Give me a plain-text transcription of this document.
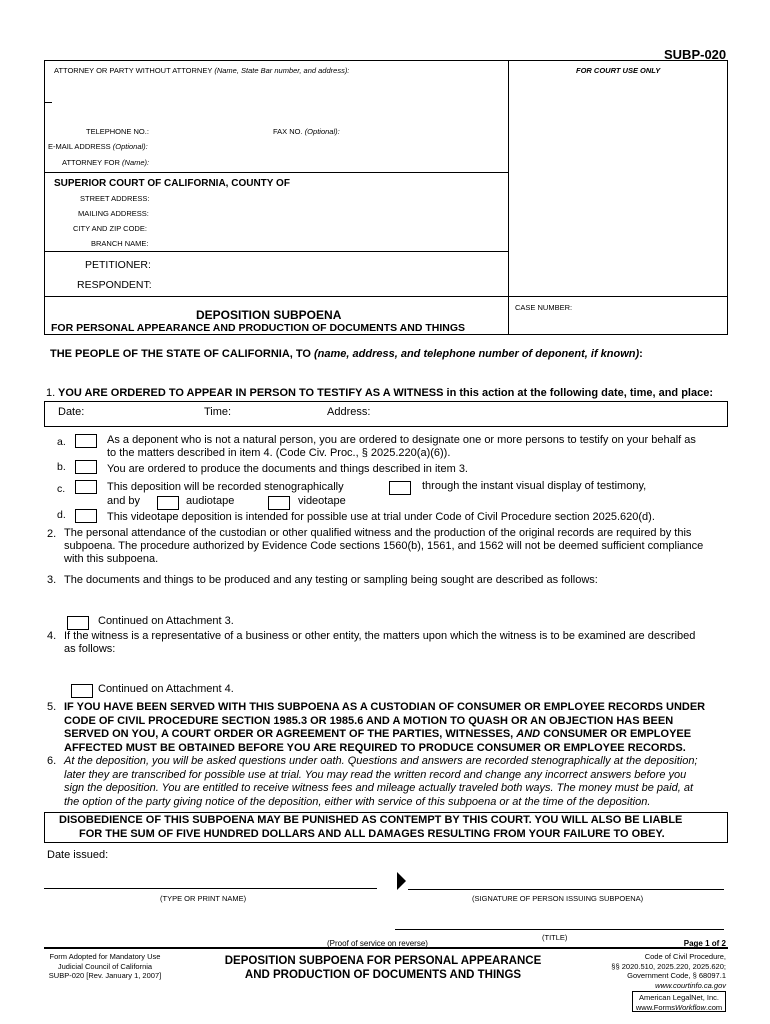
SUBP-020
ATTORNEY OR PARTY WITHOUT ATTORNEY (Name, State Bar number, and address):	FOR COURT USE ONLY
TELEPHONE NO.:	FAX NO. (Optional):
E-MAIL ADDRESS (Optional):
ATTORNEY FOR (Name):
SUPERIOR COURT OF CALIFORNIA, COUNTY OF
STREET ADDRESS:
MAILING ADDRESS:
CITY AND ZIP CODE:
BRANCH NAME:
PETITIONER:
RESPONDENT:
DEPOSITION SUBPOENA
FOR PERSONAL APPEARANCE AND PRODUCTION OF DOCUMENTS AND THINGS
CASE NUMBER:
THE PEOPLE OF THE STATE OF CALIFORNIA, TO (name, address, and telephone number of deponent, if known):
1. YOU ARE ORDERED TO APPEAR IN PERSON TO TESTIFY AS A WITNESS in this action at the following date, time, and place:
Date:	Time:	Address:
a.	As a deponent who is not a natural person, you are ordered to designate one or more persons to testify on your behalf as
to the matters described in item 4. (Code Civ. Proc., § 2025.220(a)(6)).
b.	You are ordered to produce the documents and things described in item 3.
c.	This deposition will be recorded stenographically	through the instant visual display of testimony,
and by	audiotape	videotape
d.	This videotape deposition is intended for possible use at trial under Code of Civil Procedure section 2025.620(d).
2. The personal attendance of the custodian or other qualified witness and the production of the original records are required by this
subpoena. The procedure authorized by Evidence Code sections 1560(b), 1561, and 1562 will not be deemed sufficient compliance
with this subpoena.
3. The documents and things to be produced and any testing or sampling being sought are described as follows:
Continued on Attachment 3.
4. If the witness is a representative of a business or other entity, the matters upon which the witness is to be examined are described
as follows:
Continued on Attachment 4.
5. IF YOU HAVE BEEN SERVED WITH THIS SUBPOENA AS A CUSTODIAN OF CONSUMER OR EMPLOYEE RECORDS UNDER
CODE OF CIVIL PROCEDURE SECTION 1985.3 OR 1985.6 AND A MOTION TO QUASH OR AN OBJECTION HAS BEEN
SERVED ON YOU, A COURT ORDER OR AGREEMENT OF THE PARTIES, WITNESSES, AND CONSUMER OR EMPLOYEE
AFFECTED MUST BE OBTAINED BEFORE YOU ARE REQUIRED TO PRODUCE CONSUMER OR EMPLOYEE RECORDS.
6. At the deposition, you will be asked questions under oath. Questions and answers are recorded stenographically at the deposition;
later they are transcribed for possible use at trial. You may read the written record and change any incorrect answers before you
sign the deposition. You are entitled to receive witness fees and mileage actually traveled both ways. The money must be paid, at
the option of the party giving notice of the deposition, either with service of this subpoena or at the time of the deposition.
DISOBEDIENCE OF THIS SUBPOENA MAY BE PUNISHED AS CONTEMPT BY THIS COURT. YOU WILL ALSO BE LIABLE
FOR THE SUM OF FIVE HUNDRED DOLLARS AND ALL DAMAGES RESULTING FROM YOUR FAILURE TO OBEY.
Date issued:
(TYPE OR PRINT NAME)	(SIGNATURE OF PERSON ISSUING SUBPOENA)
(TITLE)
(Proof of service on reverse)
Form Adopted for Mandatory Use
Judicial Council of California
SUBP-020 [Rev. January 1, 2007]
DEPOSITION SUBPOENA FOR PERSONAL APPEARANCE
AND PRODUCTION OF DOCUMENTS AND THINGS
Page 1 of 2
Code of Civil Procedure,
§§ 2020.510, 2025.220, 2025.620;
Government Code, § 68097.1
www.courtinfo.ca.gov
American LegalNet, Inc.
www.FormsWorkflow.com
